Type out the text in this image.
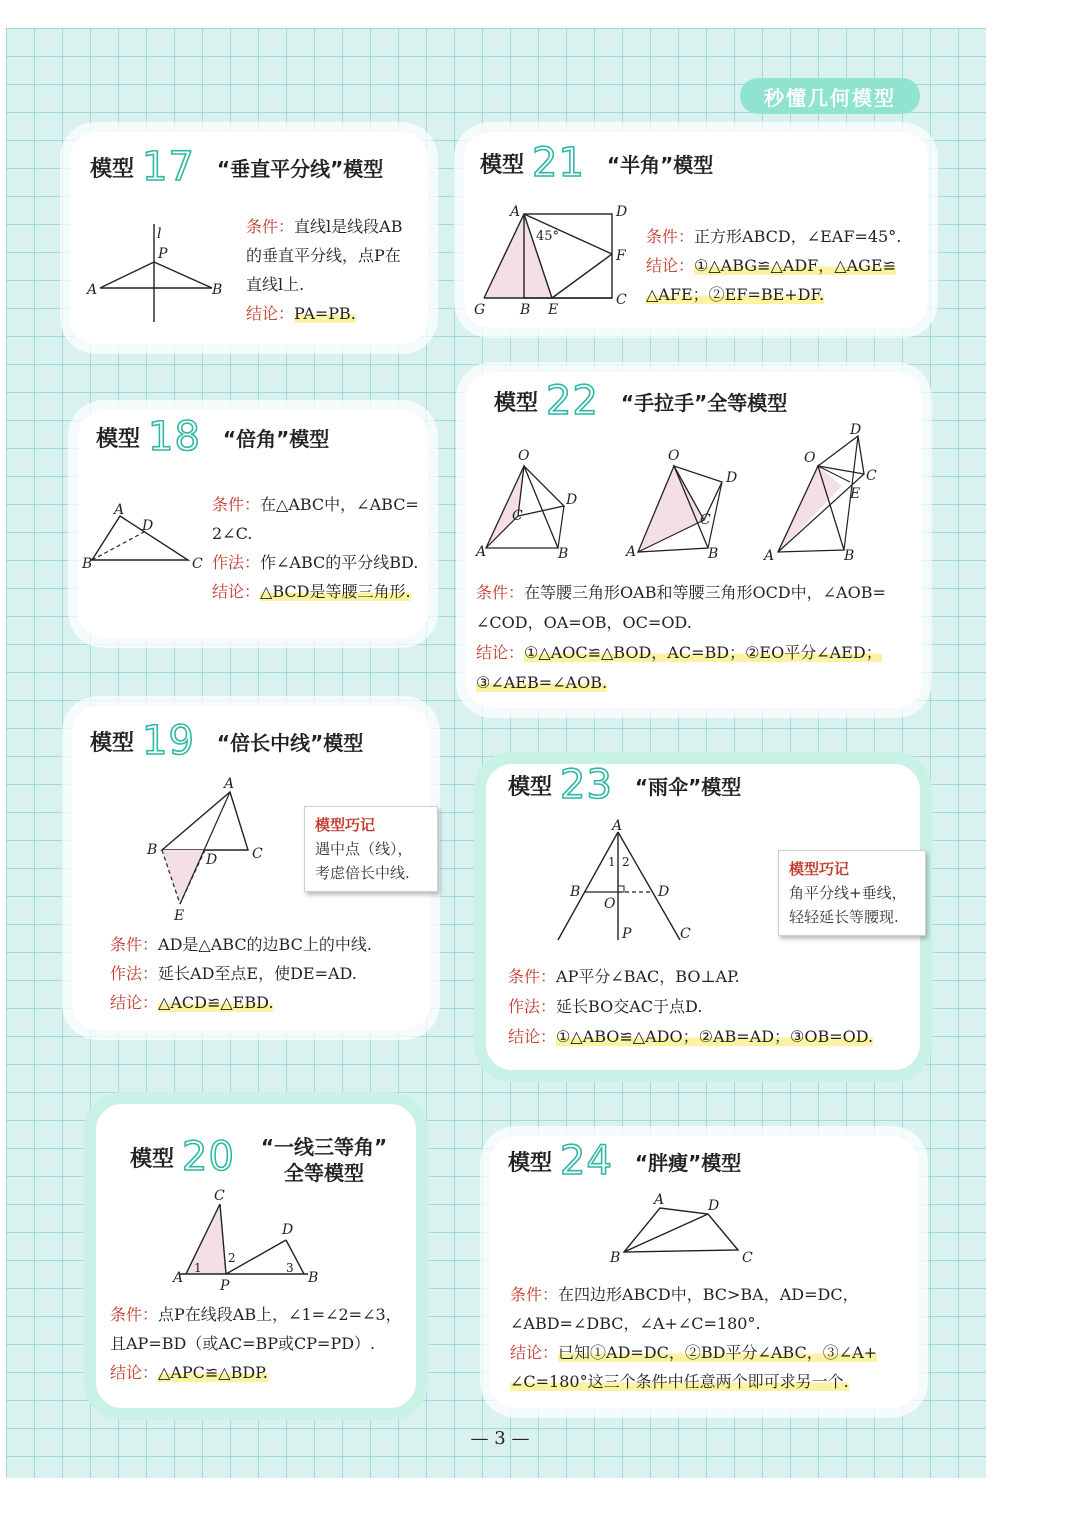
秒懂几何模型
模型 17 “垂直平分线”模型
l
P
A	B
条件：直线l是线段AB
的垂直平分线，点P在
直线l上.
结论：PA=PB.
模型 18 “倍角”模型
A
D
B	C
条件：在△ABC中，∠ABC=
2∠C.
作法：作∠ABC的平分线BD.
结论：△BCD是等腰三角形.
模型 19 “倍长中线”模型
A
B	C
D
E
模型巧记
遇中点（线），
考虑倍长中线.
条件：AD是△ABC的边BC上的中线.
作法：延长AD至点E，使DE=AD.
结论：△ACD≌△EBD.
模型 20	“一线三等角”
全等模型
C
D
A	P	B
1
2
3
条件：点P在线段AB上，∠1=∠2=∠3，
且AP=BD（或AC=BP或CP=PD）.
结论：△APC≌△BDP.
模型 21 “半角”模型
45°
A	D
F
C
G B E
条件：正方形ABCD，∠EAF=45°.
结论：①△ABG≌△ADF，△AGE≌
△AFE；②EF=BE+DF.
模型 22 “手拉手”全等模型
O
A	B
C
D
O
A	B
C
D
D
O
C
E
A	B
条件：在等腰三角形OAB和等腰三角形OCD中，∠AOB=
∠COD，OA=OB，OC=OD.
结论：①△AOC≌△BOD，AC=BD；②EO平分∠AED；
③∠AEB=∠AOB.
模型 23 “雨伞”模型
A
B	D
O
P	C
1 2	模型巧记
角平分线+垂线，
轻轻延长等腰现.
条件：AP平分∠BAC，BO⊥AP.
作法：延长BO交AC于点D.
结论：①△ABO≌△ADO；②AB=AD；③OB=OD.
模型 24 “胖瘦”模型
A	D
B	C
条件：在四边形ABCD中，BC>BA，AD=DC，
∠ABD=∠DBC，∠A+∠C=180°.
结论：已知①AD=DC，②BD平分∠ABC，③∠A+
∠C=180°这三个条件中任意两个即可求另一个.
— 3 —
